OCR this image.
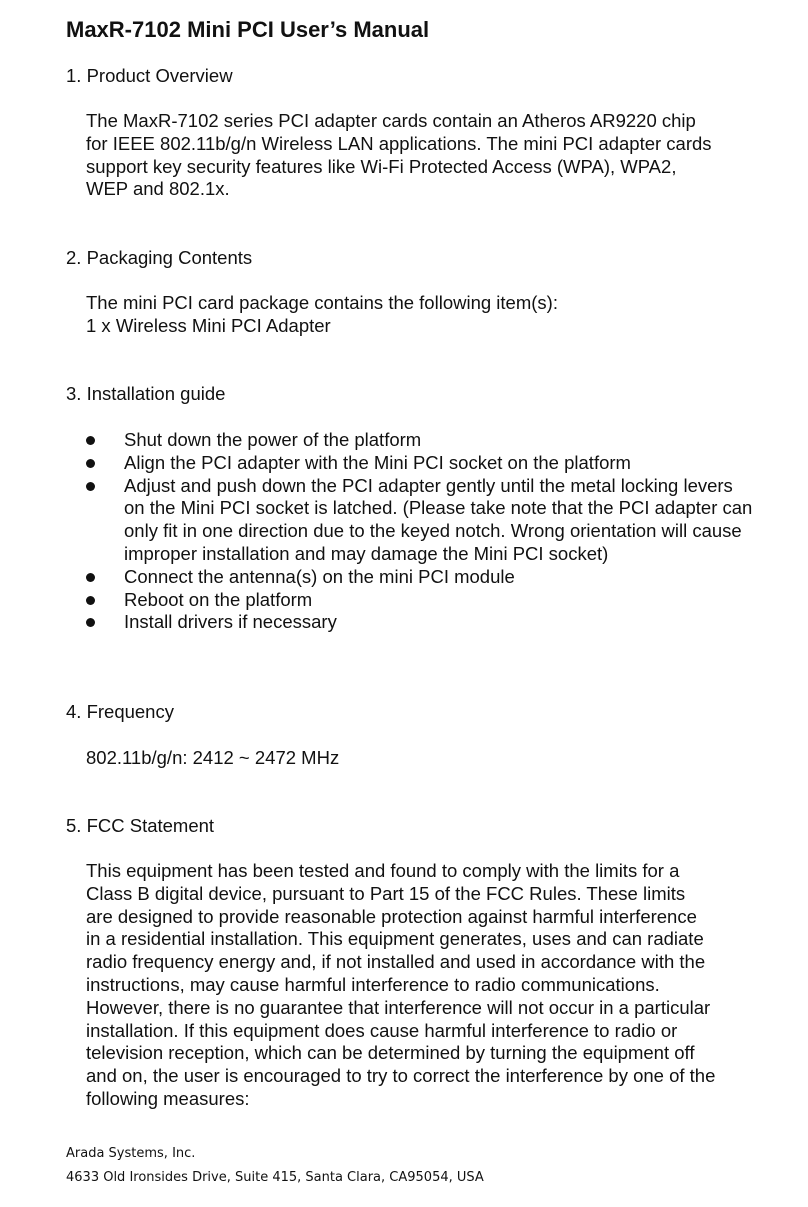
MaxR-7102 Mini PCI User’s Manual
1. Product Overview

The MaxR-7102 series PCI adapter cards contain an Atheros AR9220 chip
for IEEE 802.11b/g/n Wireless LAN applications. The mini PCI adapter cards
support key security features like Wi-Fi Protected Access (WPA), WPA2,
WEP and 802.1x.

2. Packaging Contents

The mini PCI card package contains the following item(s):
1 x Wireless Mini PCI Adapter

3. Installation guide
Shut down the power of the platform
Align the PCI adapter with the Mini PCI socket on the platform
Adjust and push down the PCI adapter gently until the metal locking levers on the Mini PCI socket is latched. (Please take note that the PCI adapter can only fit in one direction due to the keyed notch. Wrong orientation will cause improper installation and may damage the Mini PCI socket)
Connect the antenna(s) on the mini PCI module
Reboot on the platform
Install drivers if necessary
4. Frequency

802.11b/g/n: 2412 ~ 2472 MHz

5. FCC Statement

This equipment has been tested and found to comply with the limits for a
Class B digital device, pursuant to Part 15 of the FCC Rules. These limits
are designed to provide reasonable protection against harmful interference
in a residential installation. This equipment generates, uses and can radiate
radio frequency energy and, if not installed and used in accordance with the
instructions, may cause harmful interference to radio communications.
However, there is no guarantee that interference will not occur in a particular
installation. If this equipment does cause harmful interference to radio or
television reception, which can be determined by turning the equipment off
and on, the user is encouraged to try to correct the interference by one of the
following measures:

Arada Systems, Inc.

4633 Old Ironsides Drive, Suite 415, Santa Clara, CA95054, USA
